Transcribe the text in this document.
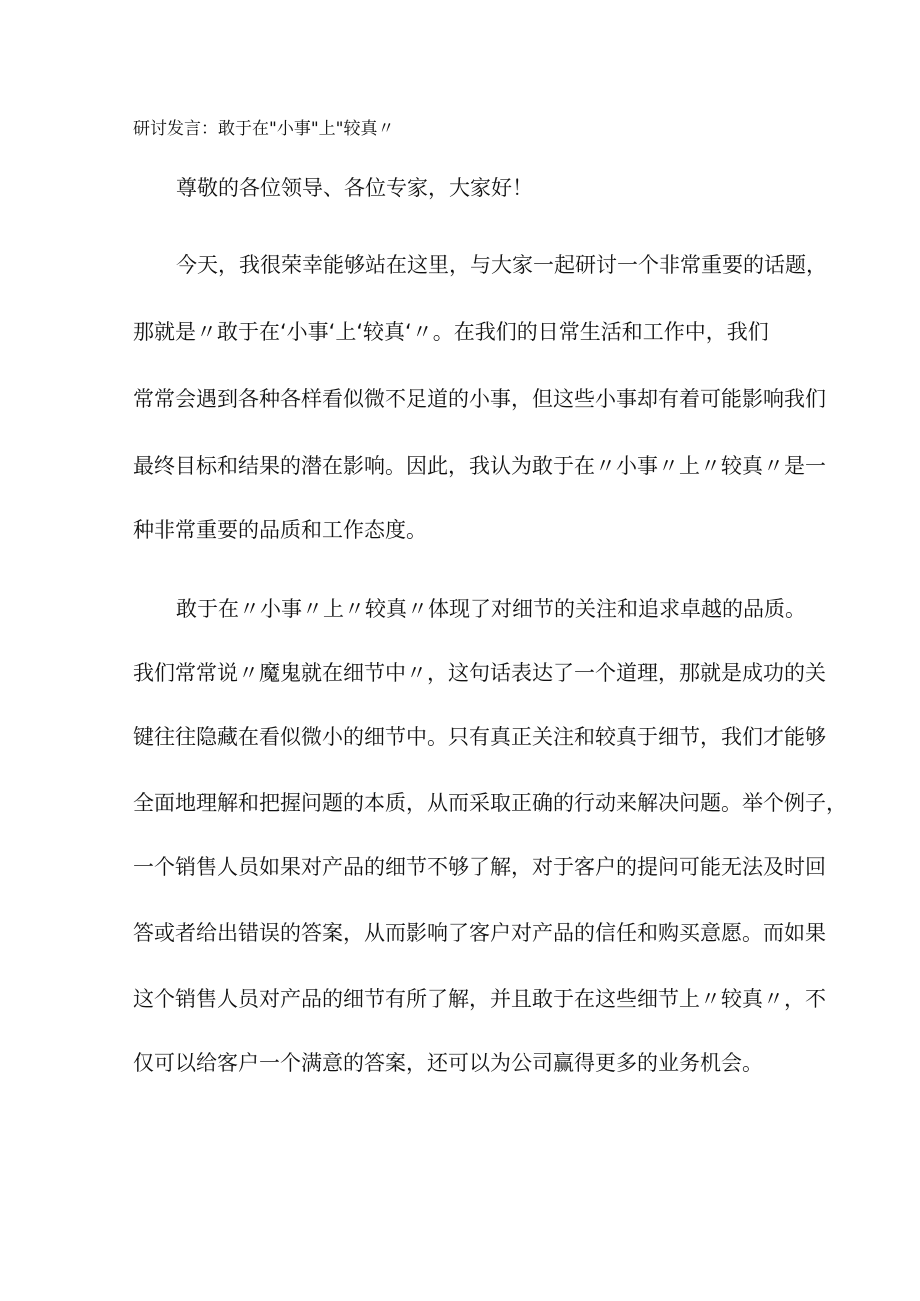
研讨发言：敢于在"小事"上"较真〃

尊敬的各位领导、各位专家，大家好！

今天，我很荣幸能够站在这里，与大家一起研讨一个非常重要的话题，

那就是〃敢于在‘小事‘上‘较真‘〃。在我们的日常生活和工作中，我们

常常会遇到各种各样看似微不足道的小事，但这些小事却有着可能影响我们

最终目标和结果的潜在影响。因此，我认为敢于在〃小事〃上〃较真〃是一

种非常重要的品质和工作态度。

敢于在〃小事〃上〃较真〃体现了对细节的关注和追求卓越的品质。

我们常常说〃魔鬼就在细节中〃，这句话表达了一个道理，那就是成功的关

键往往隐藏在看似微小的细节中。只有真正关注和较真于细节，我们才能够

全面地理解和把握问题的本质，从而采取正确的行动来解决问题。举个例子，

一个销售人员如果对产品的细节不够了解，对于客户的提问可能无法及时回

答或者给出错误的答案，从而影响了客户对产品的信任和购买意愿。而如果

这个销售人员对产品的细节有所了解，并且敢于在这些细节上〃较真〃，不

仅可以给客户一个满意的答案，还可以为公司赢得更多的业务机会。
